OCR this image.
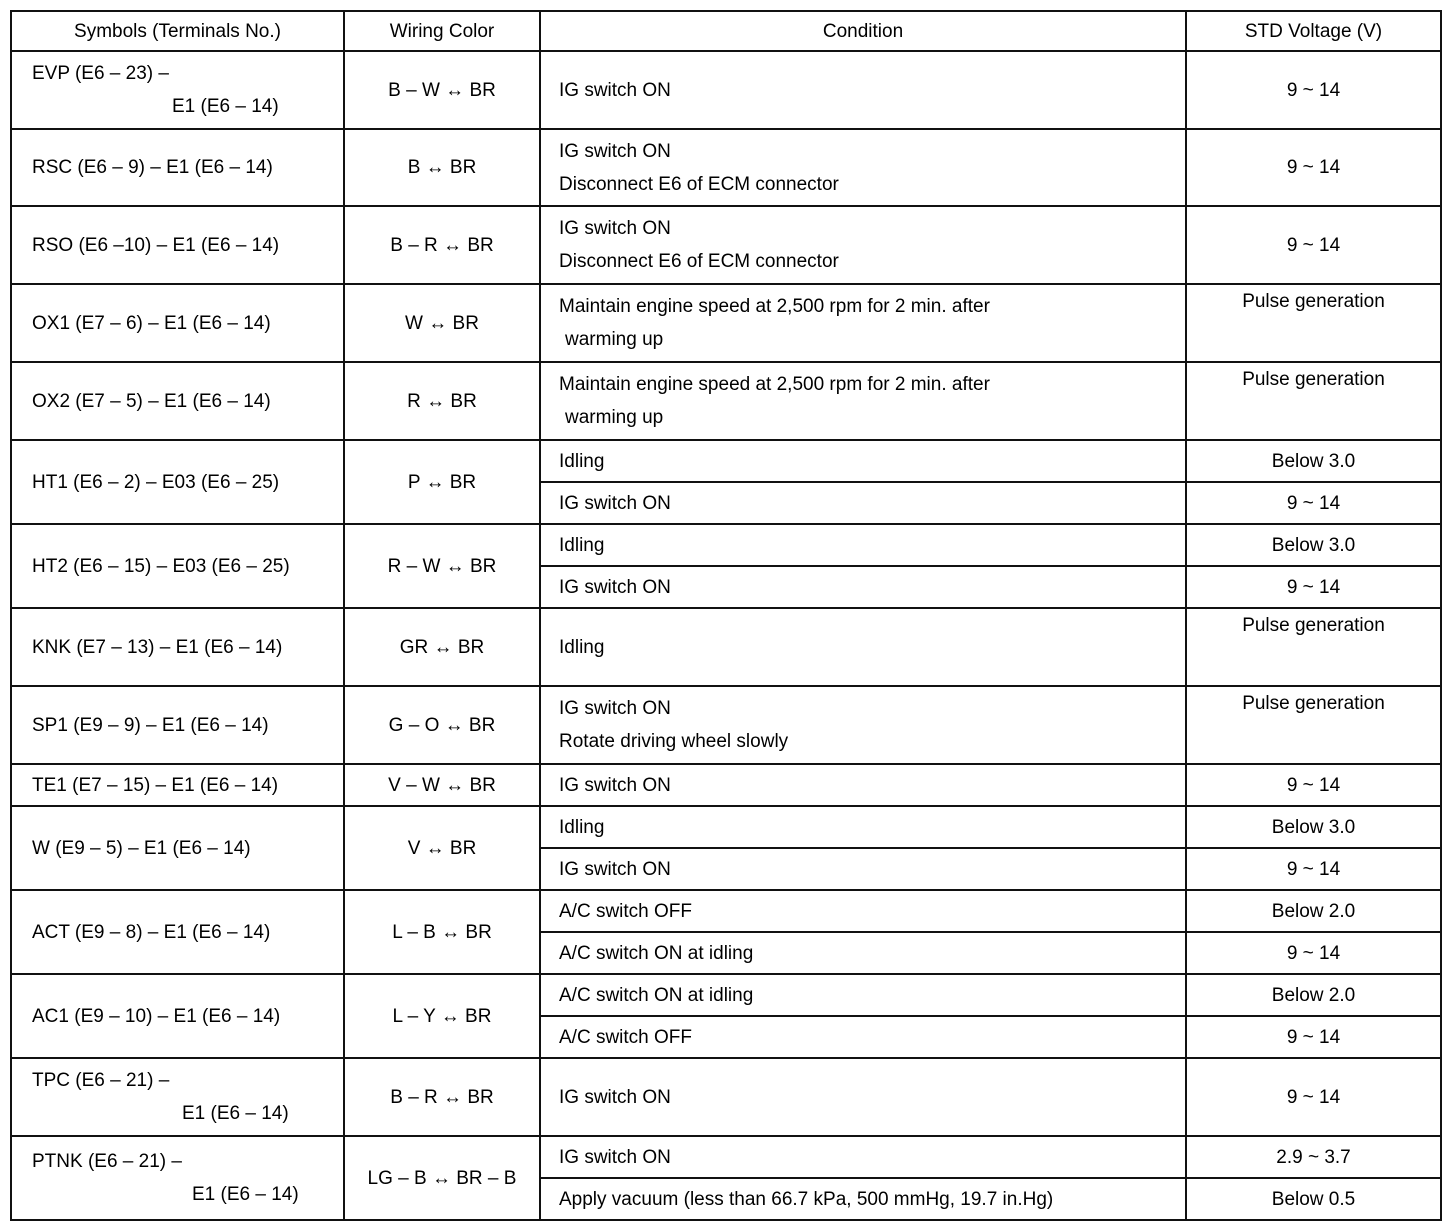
Symbols (Terminals No.)	Wiring Color	Condition	STD Voltage (V)

EVP (E6 – 23) –
E1 (E6 – 14)	B – W ↔ BR	IG switch ON	9 ~ 14
RSC (E6 – 9) – E1 (E6 – 14)	B ↔ BR	IG switch ON
Disconnect E6 of ECM connector	9 ~ 14
RSO (E6 –10) – E1 (E6 – 14)	B – R ↔ BR	IG switch ON
Disconnect E6 of ECM connector	9 ~ 14
OX1 (E7 – 6) – E1 (E6 – 14)	W ↔ BR	Maintain engine speed at 2,500 rpm for 2 min. after
warming up	Pulse generation
OX2 (E7 – 5) – E1 (E6 – 14)	R ↔ BR	Maintain engine speed at 2,500 rpm for 2 min. after
warming up	Pulse generation
HT1 (E6 – 2) – E03 (E6 – 25)	P ↔ BR	Idling	Below 3.0
		IG switch ON	9 ~ 14
HT2 (E6 – 15) – E03 (E6 – 25)	R – W ↔ BR	Idling	Below 3.0
		IG switch ON	9 ~ 14
KNK (E7 – 13) – E1 (E6 – 14)	GR ↔ BR	Idling	Pulse generation
SP1 (E9 – 9) – E1 (E6 – 14)	G – O ↔ BR	IG switch ON
Rotate driving wheel slowly	Pulse generation
TE1 (E7 – 15) – E1 (E6 – 14)	V – W ↔ BR	IG switch ON	9 ~ 14
W (E9 – 5) – E1 (E6 – 14)	V ↔ BR	Idling	Below 3.0
		IG switch ON	9 ~ 14
ACT (E9 – 8) – E1 (E6 – 14)	L – B ↔ BR	A/C switch OFF	Below 2.0
		A/C switch ON at idling	9 ~ 14
AC1 (E9 – 10) – E1 (E6 – 14)	L – Y ↔ BR	A/C switch ON at idling	Below 2.0
		A/C switch OFF	9 ~ 14

TPC (E6 – 21) –
E1 (E6 – 14)	B – R ↔ BR	IG switch ON	9 ~ 14

PTNK (E6 – 21) –
E1 (E6 – 14)	LG – B ↔ BR – B	IG switch ON	2.9 ~ 3.7
		Apply vacuum (less than 66.7 kPa, 500 mmHg, 19.7 in.Hg)	Below 0.5
